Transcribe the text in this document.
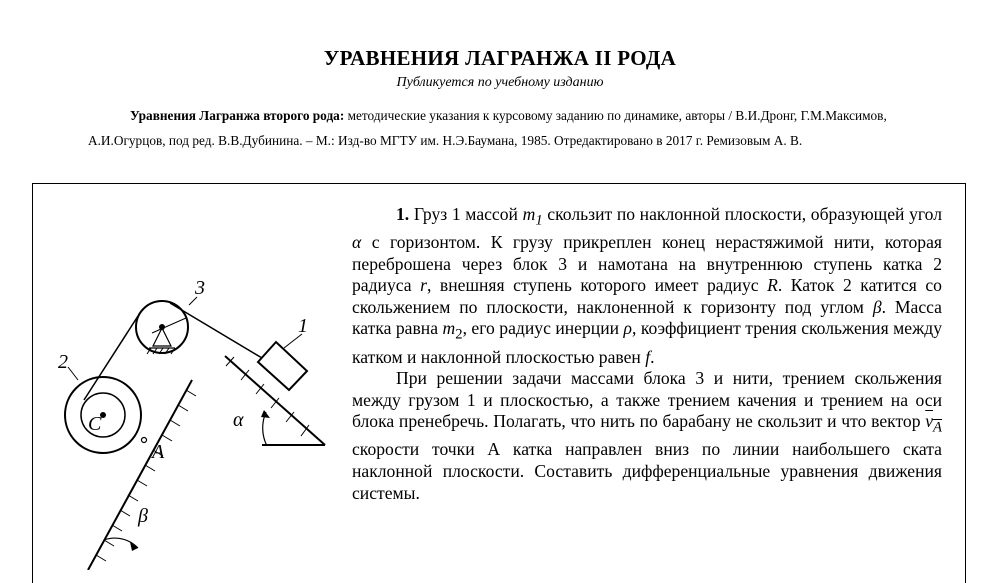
УРАВНЕНИЯ ЛАГРАНЖА II РОДА
Публикуется по учебному изданию
Уравнения Лагранжа второго рода: методические указания к курсовому заданию по динамике, авторы / В.И.Дронг, Г.М.Максимов, А.И.Огурцов, под ред. В.В.Дубинина. – М.: Изд-во МГТУ им. Н.Э.Баумана, 1985. Отредактировано в 2017 г. Ремизовым А. В.
1
2
3
C
A
α
β

1. Груз 1 массой $m_1$ скользит по наклонной плоскости, образующей угол α с горизонтом. К грузу прикреплен конец нерастяжимой нити, которая переброшена через блок 3 и намотана на внутреннюю ступень катка 2 радиуса r, внешняя ступень которого имеет радиус R. Каток 2 катится со скольжением по плоскости, наклоненной к горизонту под углом β. Масса катка равна $m_2$, его радиус инерции ρ, коэффициент трения скольжения между катком и наклонной плоскостью равен f.

При решении задачи массами блока 3 и нити, трением скольжения между грузом 1 и плоскостью, а также трением качения и трением на оси блока пренебречь. Полагать, что нить по барабану не скользит и что вектор $v_A$ скорости точки А катка направлен вниз по линии наибольшего ската наклонной плоскости. Составить дифференциальные уравнения движения системы.
